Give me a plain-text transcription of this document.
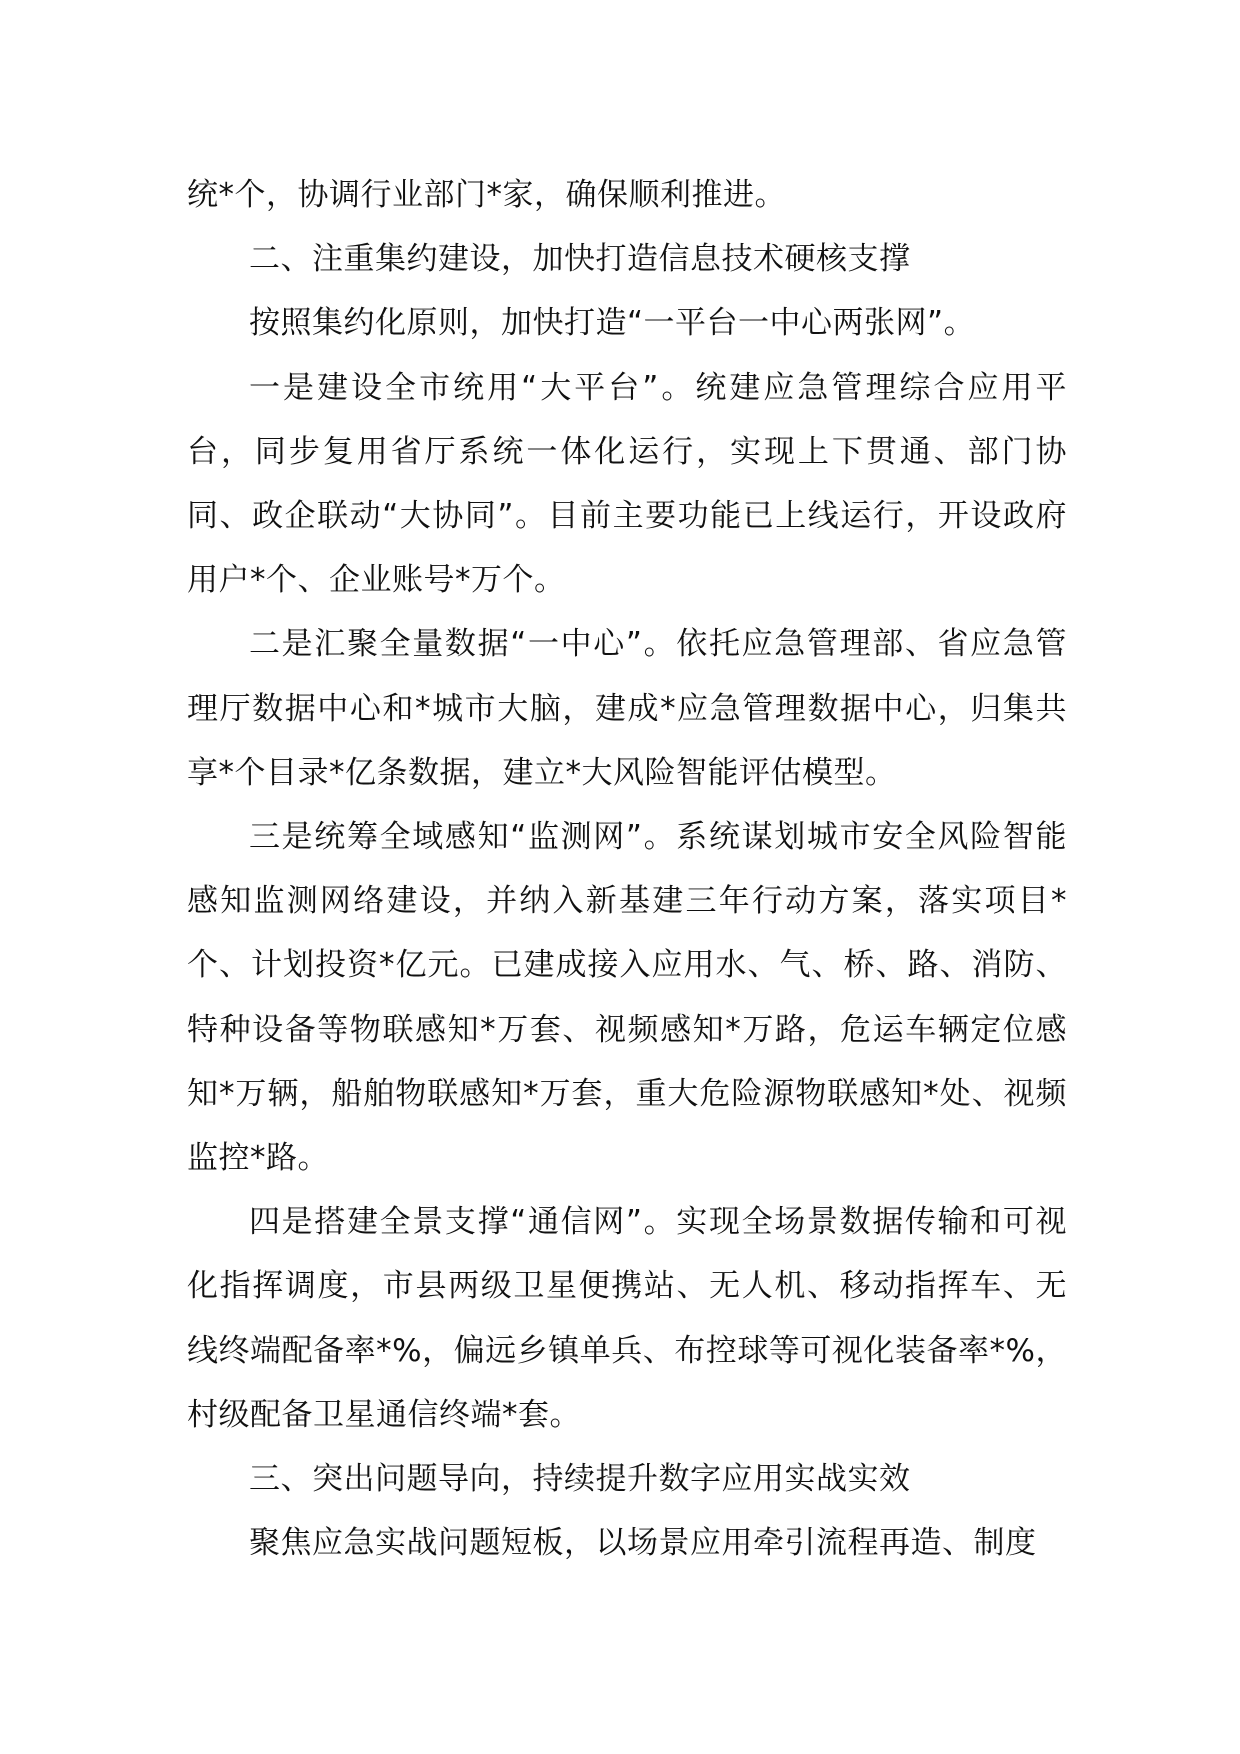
统*个，协调行业部门*家，确保顺利推进。

二、注重集约建设，加快打造信息技术硬核支撑

按照集约化原则，加快打造“一平台一中心两张网”。

一是建设全市统用“大平台”。统建应急管理综合应用平台，同步复用省厅系统一体化运行，实现上下贯通、部门协同、政企联动“大协同”。目前主要功能已上线运行，开设政府用户*个、企业账号*万个。

二是汇聚全量数据“一中心”。依托应急管理部、省应急管理厅数据中心和*城市大脑，建成*应急管理数据中心，归集共享*个目录*亿条数据，建立*大风险智能评估模型。

三是统筹全域感知“监测网”。系统谋划城市安全风险智能感知监测网络建设，并纳入新基建三年行动方案，落实项目*个、计划投资*亿元。已建成接入应用水、气、桥、路、消防、特种设备等物联感知*万套、视频感知*万路，危运车辆定位感知*万辆，船舶物联感知*万套，重大危险源物联感知*处、视频监控*路。

四是搭建全景支撑“通信网”。实现全场景数据传输和可视化指挥调度，市县两级卫星便携站、无人机、移动指挥车、无线终端配备率*%，偏远乡镇单兵、布控球等可视化装备率*%，村级配备卫星通信终端*套。

三、突出问题导向，持续提升数字应用实战实效

聚焦应急实战问题短板，以场景应用牵引流程再造、制度
